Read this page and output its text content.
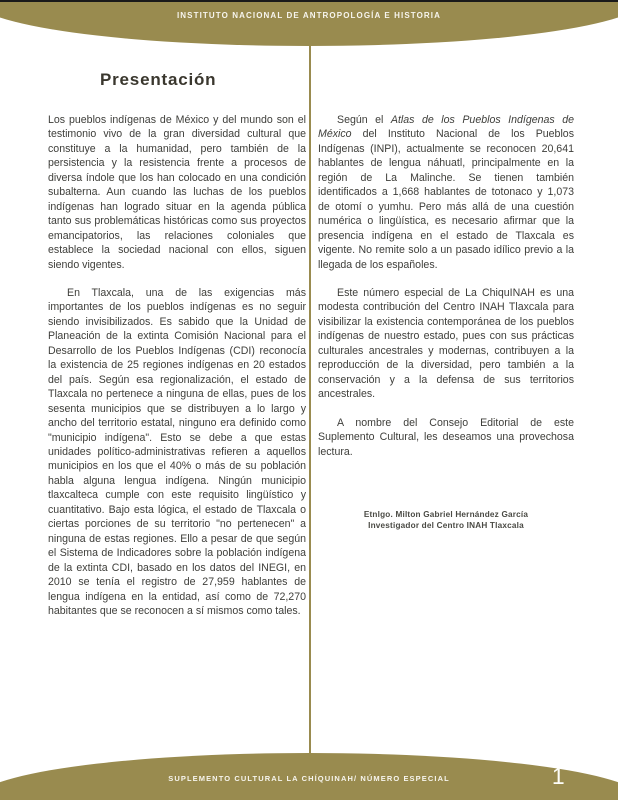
INSTITUTO NACIONAL DE ANTROPOLOGÍA E HISTORIA
Presentación

Los pueblos indígenas de México y del mundo son el testimonio vivo de la gran diversidad cultural que constituye a la humanidad, pero también de la persistencia y la resistencia frente a procesos de diversa índole que los han colocado en una condición subalterna. Aun cuando las luchas de los pueblos indígenas han logrado situar en la agenda pública tanto sus problemáticas históricas como sus proyectos emancipatorios, las relaciones coloniales que establece la sociedad nacional con ellos, siguen siendo vigentes.

En Tlaxcala, una de las exigencias más importantes de los pueblos indígenas es no seguir siendo invisibilizados. Es sabido que la Unidad de Planeación de la extinta Comisión Nacional para el Desarrollo de los Pueblos Indígenas (CDI) reconocía la existencia de 25 regiones indígenas en 20 estados del país. Según esa regionalización, el estado de Tlaxcala no pertenece a ninguna de ellas, pues de los sesenta municipios que se distribuyen a lo largo y ancho del territorio estatal, ninguno era definido como "municipio indígena". Esto se debe a que estas unidades político-administrativas refieren a aquellos municipios en los que el 40% o más de su población habla alguna lengua indígena. Ningún municipio tlaxcalteca cumple con este requisito lingüístico y cuantitativo. Bajo esta lógica, el estado de Tlaxcala o ciertas porciones de su territorio "no pertenecen" a ninguna de estas regiones. Ello a pesar de que según el Sistema de Indicadores sobre la población indígena de la extinta CDI, basado en los datos del INEGI, en 2010 se tenía el registro de 27,959 hablantes de lengua indígena en la entidad, así como de 72,270 habitantes que se reconocen a sí mismos como tales.

Según el Atlas de los Pueblos Indígenas de México del Instituto Nacional de los Pueblos Indígenas (INPI), actualmente se reconocen 20,641 hablantes de lengua náhuatl, principalmente en la región de La Malinche. Se tienen también identificados a 1,668 hablantes de totonaco y 1,073 de otomí o yumhu. Pero más allá de una cuestión numérica o lingüística, es necesario afirmar que la presencia indígena en el estado de Tlaxcala es vigente. No remite solo a un pasado idílico previo a la llegada de los españoles.

Este número especial de La ChiquINAH es una modesta contribución del Centro INAH Tlaxcala para visibilizar la existencia contemporánea de los pueblos indígenas de nuestro estado, pues con sus prácticas culturales ancestrales y modernas, contribuyen a la reproducción de la diversidad, pero también a la conservación y a la defensa de sus territorios ancestrales.

A nombre del Consejo Editorial de este Suplemento Cultural, les deseamos una provechosa lectura.

Etnlgo. Milton Gabriel Hernández García
Investigador del Centro INAH Tlaxcala
SUPLEMENTO CULTURAL LA CHÍQUINAH/ NÚMERO ESPECIAL	1
